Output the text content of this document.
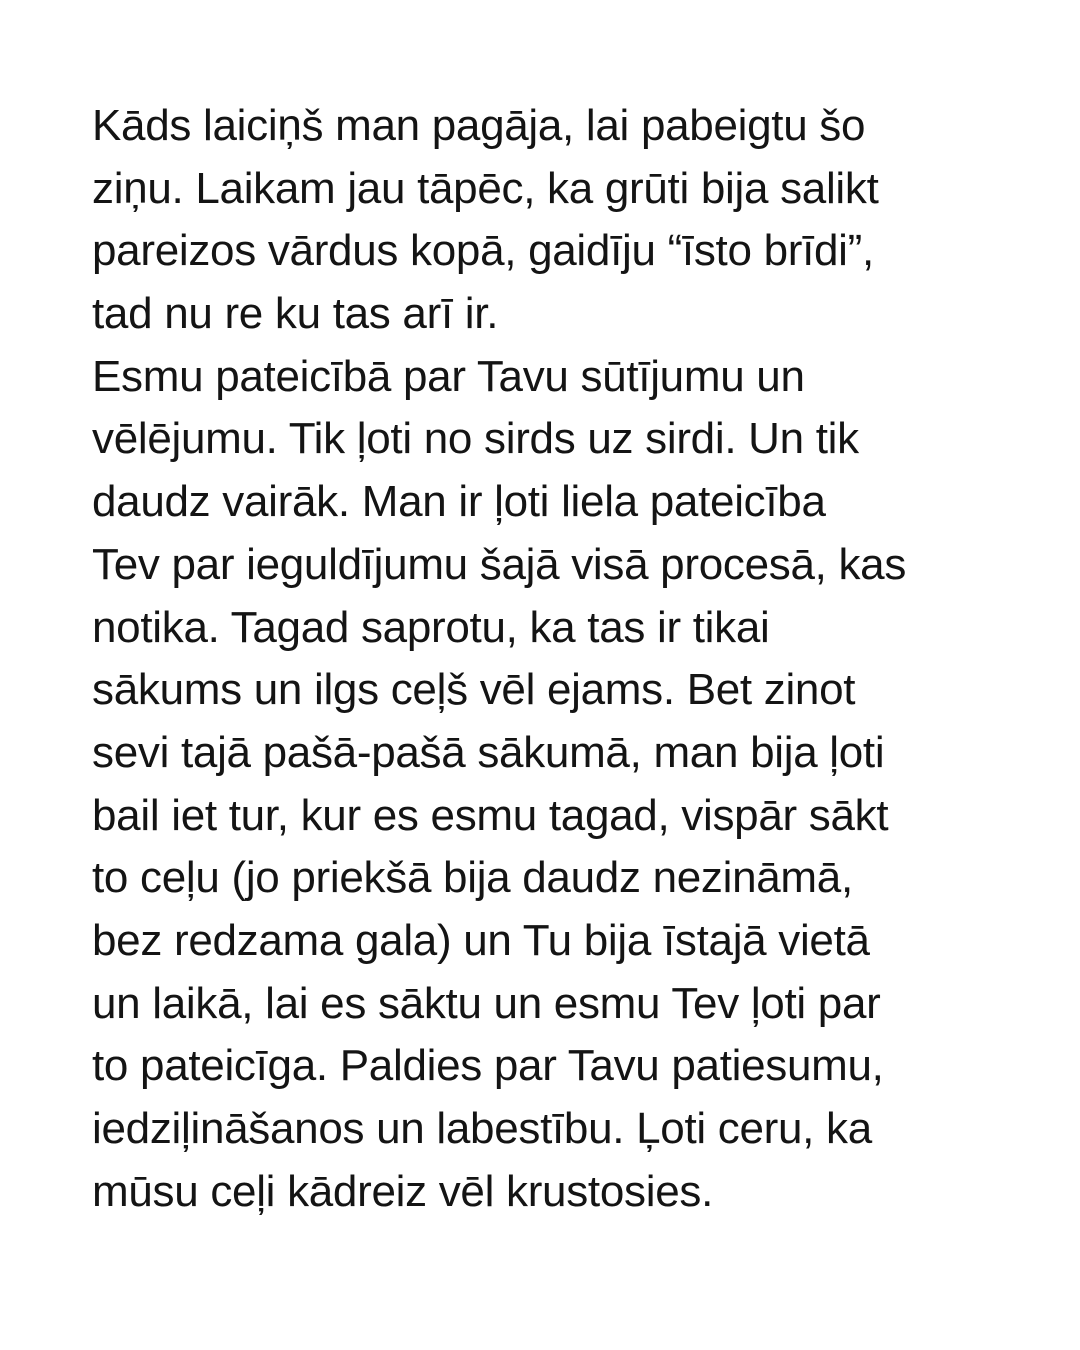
Kāds laiciņš man pagāja, lai pabeigtu šo
ziņu. Laikam jau tāpēc, ka grūti bija salikt
pareizos vārdus kopā, gaidīju “īsto brīdi”,
tad nu re ku tas arī ir.
Esmu pateicībā par Tavu sūtījumu un
vēlējumu. Tik ļoti no sirds uz sirdi. Un tik
daudz vairāk. Man ir ļoti liela pateicība
Tev par ieguldījumu šajā visā procesā, kas
notika. Tagad saprotu, ka tas ir tikai
sākums un ilgs ceļš vēl ejams. Bet zinot
sevi tajā pašā-pašā sākumā, man bija ļoti
bail iet tur, kur es esmu tagad, vispār sākt
to ceļu (jo priekšā bija daudz nezināmā,
bez redzama gala) un Tu bija īstajā vietā
un laikā, lai es sāktu un esmu Tev ļoti par
to pateicīga. Paldies par Tavu patiesumu,
iedziļināšanos un labestību. Ļoti ceru, ka
mūsu ceļi kādreiz vēl krustosies.
